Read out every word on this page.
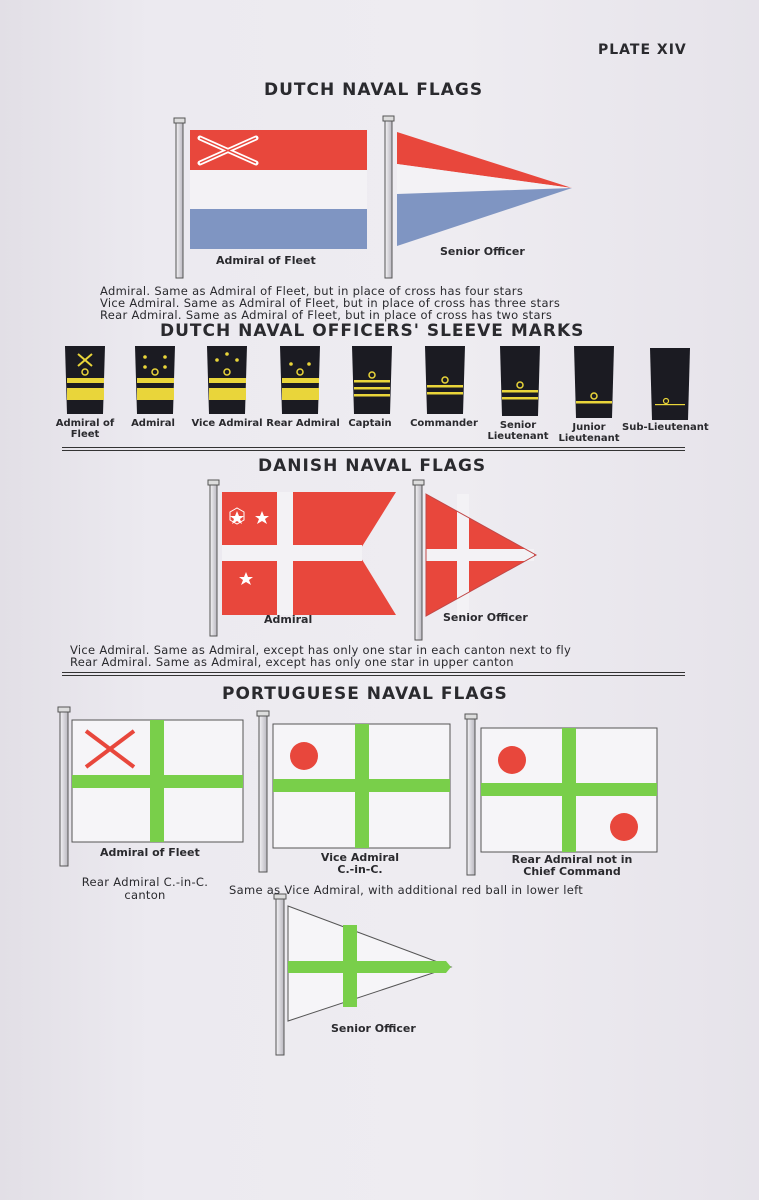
PLATE XIV
DUTCH NAVAL FLAGS
Admiral of Fleet
Senior Officer
Admiral. Same as Admiral of Fleet, but in place of cross has four stars
Vice Admiral. Same as Admiral of Fleet, but in place of cross has three stars
Rear Admiral. Same as Admiral of Fleet, but in place of cross has two stars
DUTCH NAVAL OFFICERS' SLEEVE MARKS
Admiral of
Fleet
Admiral	Vice Admiral Rear Admiral Captain	Commander	Senior
Lieutenant
Junior
Lieutenant
Sub-Lieutenant
DANISH NAVAL FLAGS
Admiral	Senior Officer
Vice Admiral. Same as Admiral, except has only one star in each canton next to fly
Rear Admiral. Same as Admiral, except has only one star in upper canton
PORTUGUESE NAVAL FLAGS
Admiral of Fleet	Vice Admiral
C.-in-C.
Rear Admiral not in
Chief Command
Rear Admiral C.-in-C.
canton	Same as Vice Admiral, with additional red ball in lower left
Senior Officer
